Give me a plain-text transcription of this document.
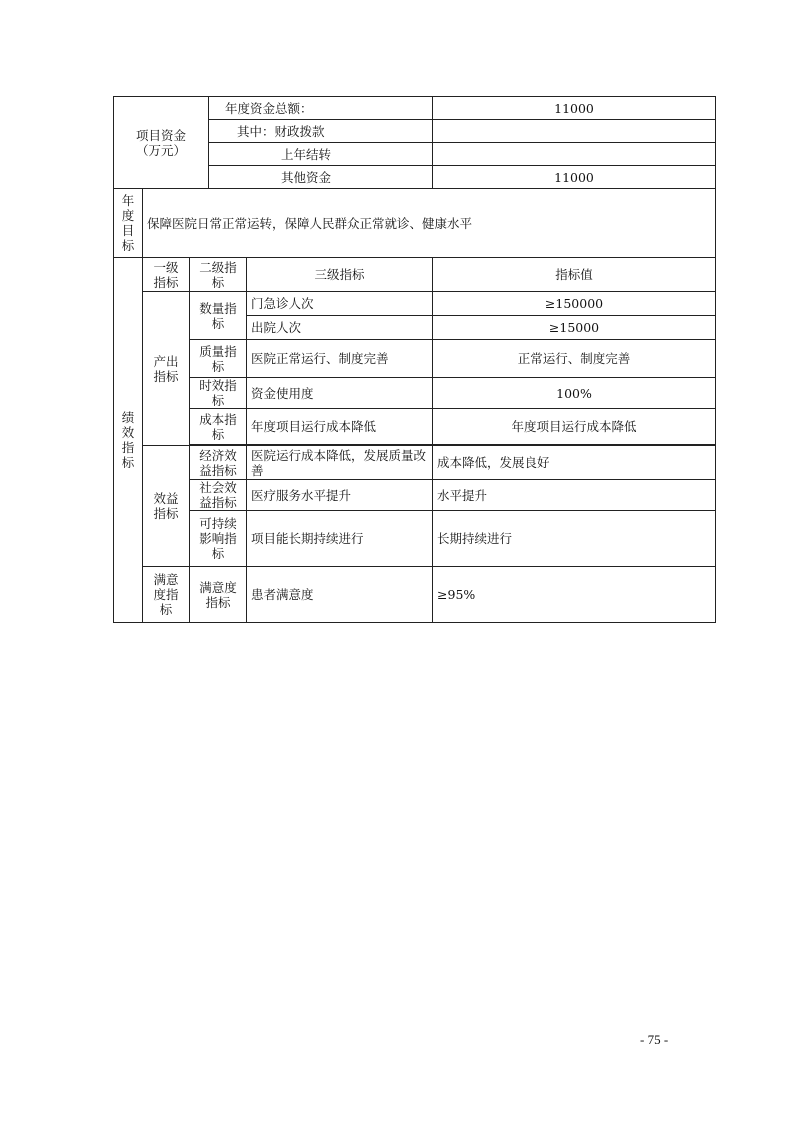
项目资金
（万元）			年度资金总额：		11000
			其中：财政拨款		
			上年结转		
			其他资金		11000

年度目标	保障医院日常正常运转，保障人民群众正常就诊、健康水平				

绩效指标	一级指标	二级指标		三级指标	指标值

	产出指标	数量指标		门急诊人次	≥150000
				出院人次	≥15000

		质量指标		医院正常运行、制度完善	正常运行、制度完善

		时效指标		资金使用度	100%

		成本指标		年度项目运行成本降低	年度项目运行成本降低

	效益指标	经济效益指标		医院运行成本降低，发展质量改善	成本降低，发展良好

		社会效益指标		医疗服务水平提升	水平提升

		可持续影响指标		项目能长期持续进行	长期持续进行

	满意度指标	满意度指标		患者满意度	≥95%
- 75 -
